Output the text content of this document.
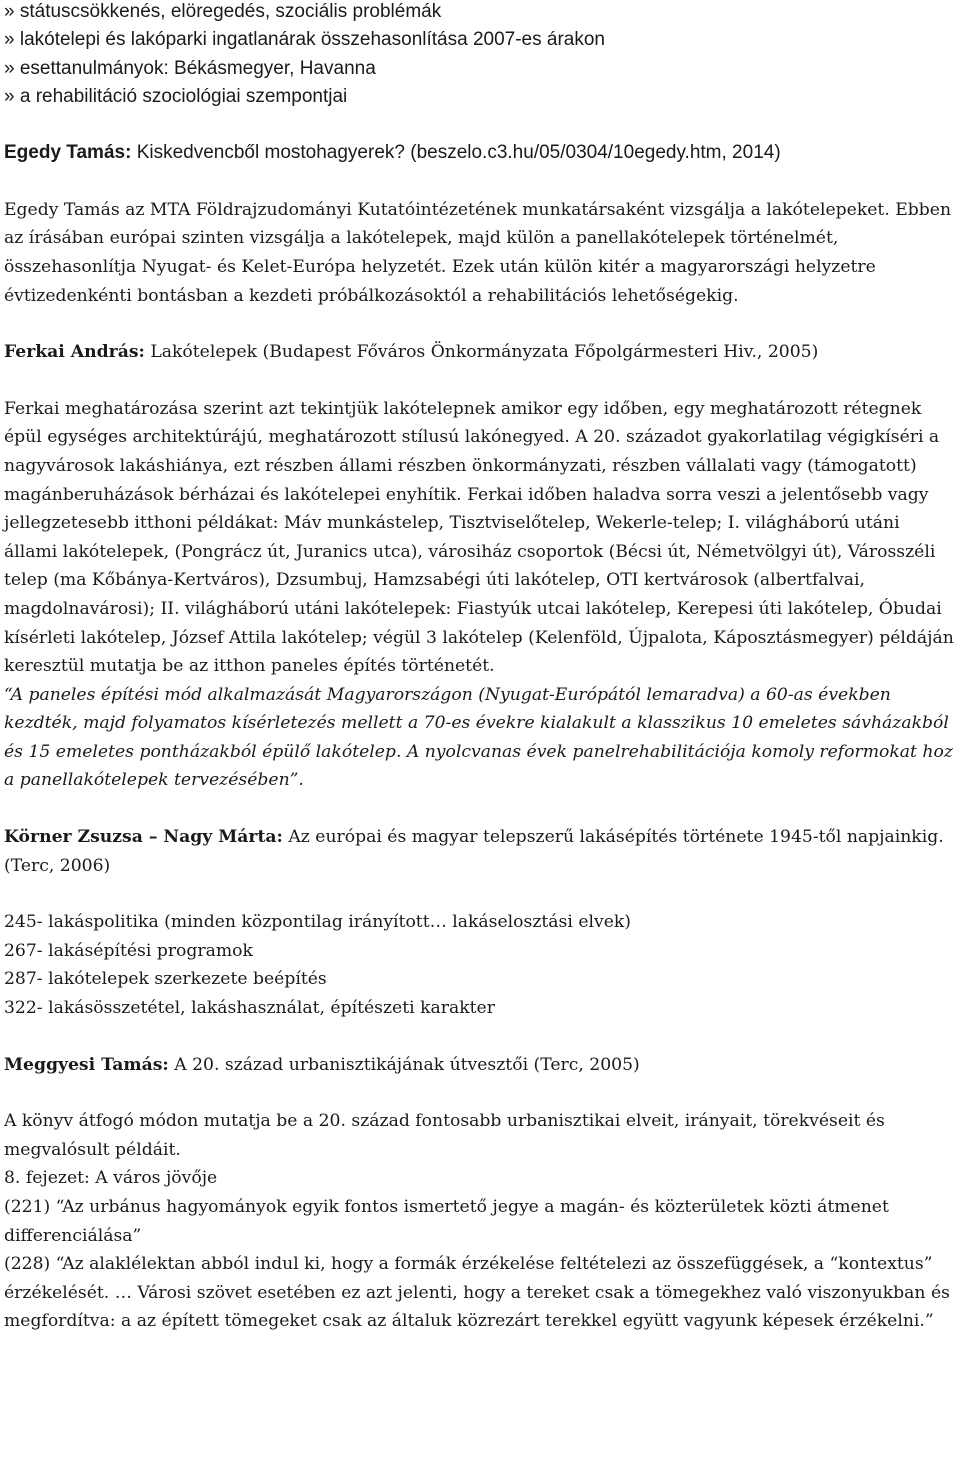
» státuscsökkenés, elöregedés, szociális problémák
» lakótelepi és lakóparki ingatlanárak összehasonlítása 2007-es árakon
» esettanulmányok: Békásmegyer, Havanna
» a rehabilitáció szociológiai szempontjai

Egedy Tamás: Kiskedvencből mostohagyerek? (beszelo.c3.hu/05/0304/10egedy.htm, 2014)

Egedy Tamás az MTA Földrajzudományi Kutatóintézetének munkatársaként vizsgálja a lakótelepeket. Ebben az írásában európai szinten vizsgálja a lakótelepek, majd külön a panellakótelepek történelmét, összehasonlítja Nyugat- és Kelet-Európa helyzetét. Ezek után külön kitér a magyarországi helyzetre évtizedenkénti bontásban a kezdeti próbálkozásoktól a rehabilitációs lehetőségekig.

Ferkai András: Lakótelepek (Budapest Főváros Önkormányzata Főpolgármesteri Hiv., 2005)

Ferkai meghatározása szerint azt tekintjük lakótelepnek amikor egy időben, egy meghatározott rétegnek épül egységes architektúrájú, meghatározott stílusú lakónegyed. A 20. századot gyakorlatilag végigkíséri a nagyvárosok lakáshiánya, ezt részben állami részben önkormányzati, részben vállalati vagy (támogatott) magánberuházások bérházai és lakótelepei enyhítik. Ferkai időben haladva sorra veszi a jelentősebb vagy jellegzetesebb itthoni példákat: Máv munkástelep, Tisztviselőtelep, Wekerle-telep; I. világháború utáni állami lakótelepek, (Pongrácz út, Juranics utca), városiház csoportok (Bécsi út, Németvölgyi út), Városszéli telep (ma Kőbánya-Kertváros), Dzsumbuj, Hamzsabégi úti lakótelep, OTI kertvárosok (albertfalvai, magdolnavárosi); II. világháború utáni lakótelepek: Fiastyúk utcai lakótelep, Kerepesi úti lakótelep, Óbudai kísérleti lakótelep, József Attila lakótelep; végül 3 lakótelep (Kelenföld, Újpalota, Káposztásmegyer) példáján keresztül mutatja be az itthon paneles építés történetét.

“A paneles építési mód alkalmazását Magyarországon (Nyugat-Európától lemaradva) a 60-as években kezdték, majd folyamatos kísérletezés mellett a 70-es évekre kialakult a klasszikus 10 emeletes sávházakból és 15 emeletes pontházakból épülő lakótelep. A nyolcvanas évek panelrehabilitációja komoly reformokat hoz a panellakótelepek tervezésében”.

Körner Zsuzsa – Nagy Márta: Az európai és magyar telepszerű lakásépítés története 1945-től napjainkig. (Terc, 2006)

245- lakáspolitika (minden központilag irányított… lakáselosztási elvek)
267- lakásépítési programok
287- lakótelepek szerkezete beépítés
322- lakásösszetétel, lakáshasználat, építészeti karakter

Meggyesi Tamás: A 20. század urbanisztikájának útvesztői (Terc, 2005)

A könyv átfogó módon mutatja be a 20. század fontosabb urbanisztikai elveit, irányait, törekvéseit és megvalósult példáit.

8. fejezet: A város jövője

(221) “Az urbánus hagyományok egyik fontos ismertető jegye a magán- és közterületek közti átmenet differenciálása”

(228) “Az alaklélektan abból indul ki, hogy a formák érzékelése feltételezi az összefüggések, a “kontextus” érzékelését. … Városi szövet esetében ez azt jelenti, hogy a tereket csak a tömegekhez való viszonyukban és megfordítva: a az épített tömegeket csak az általuk közrezárt terekkel együtt vagyunk képesek érzékelni.”
